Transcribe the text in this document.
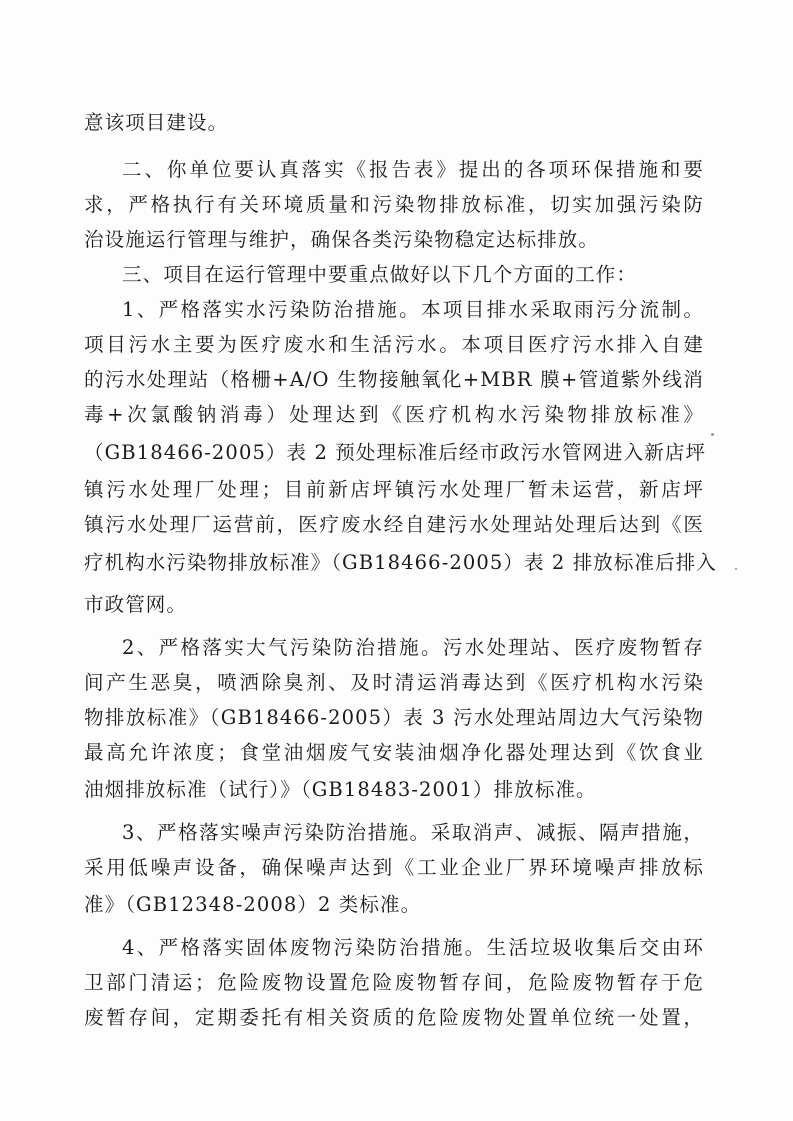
意该项目建设。
二、你单位要认真落实《报告表》提出的各项环保措施和要
求，严格执行有关环境质量和污染物排放标准，切实加强污染防
治设施运行管理与维护，确保各类污染物稳定达标排放。
三、项目在运行管理中要重点做好以下几个方面的工作：
1、严格落实水污染防治措施。本项目排水采取雨污分流制。
项目污水主要为医疗废水和生活污水。本项目医疗污水排入自建
的污水处理站（格栅+A/O 生物接触氧化+MBR 膜+管道紫外线消
毒+次氯酸钠消毒）处理达到《医疗机构水污染物排放标准》
（GB18466-2005）表 2 预处理标准后经市政污水管网进入新店坪
镇污水处理厂处理；目前新店坪镇污水处理厂暂未运营，新店坪
镇污水处理厂运营前，医疗废水经自建污水处理站处理后达到《医
疗机构水污染物排放标准》（GB18466-2005）表 2 排放标准后排入
市政管网。
2、严格落实大气污染防治措施。污水处理站、医疗废物暂存
间产生恶臭，喷洒除臭剂、及时清运消毒达到《医疗机构水污染
物排放标准》（GB18466-2005）表 3 污水处理站周边大气污染物
最高允许浓度；食堂油烟废气安装油烟净化器处理达到《饮食业
油烟排放标准（试行）》（GB18483-2001）排放标准。
3、严格落实噪声污染防治措施。采取消声、减振、隔声措施，
采用低噪声设备，确保噪声达到《工业企业厂界环境噪声排放标
准》（GB12348-2008）2 类标准。
4、严格落实固体废物污染防治措施。生活垃圾收集后交由环
卫部门清运；危险废物设置危险废物暂存间，危险废物暂存于危
废暂存间，定期委托有相关资质的危险废物处置单位统一处置，
